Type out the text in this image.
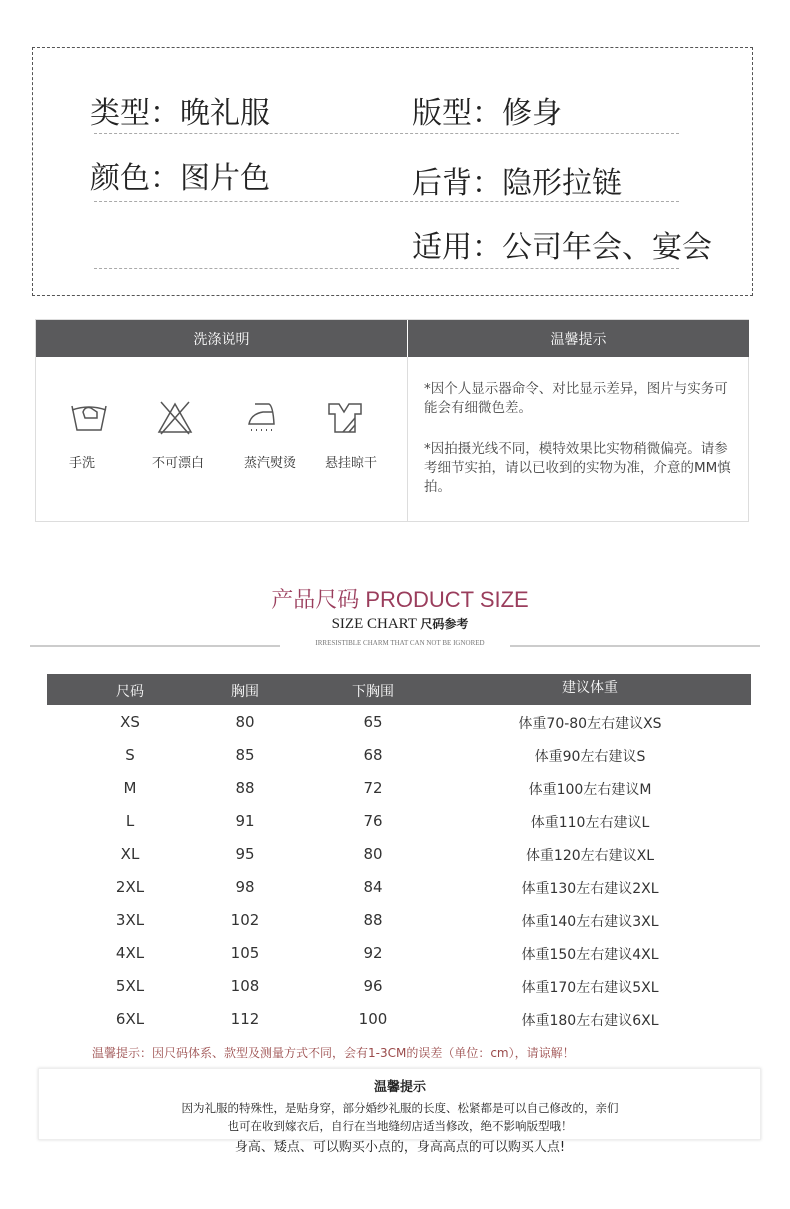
类型：晚礼服	版型：修身
颜色：图片色	后背：隐形拉链
适用：公司年会、宴会
洗涤说明	温馨提示
手洗	不可漂白	蒸汽熨烫	悬挂晾干
*因个人显示器命令、对比显示差异，图片与实务可能会有细微色差。
*因拍摄光线不同，模特效果比实物稍微偏亮。请参考细节实拍，请以已收到的实物为准，介意的MM慎拍。
产品尺码 PRODUCT SIZE
SIZE CHART 尺码参考
IRRESISTIBLE CHARM THAT CAN NOT BE IGNORED
尺码	胸围	下胸围	建议体重
XS	80	65	体重70-80左右建议XS
S	85	68	体重90左右建议S
M	88	72	体重100左右建议M
L	91	76	体重110左右建议L
XL	95	80	体重120左右建议XL
2XL	98	84	体重130左右建议2XL
3XL	102	88	体重140左右建议3XL
4XL	105	92	体重150左右建议4XL
5XL	108	96	体重170左右建议5XL
6XL	112	100	体重180左右建议6XL
温馨提示：因尺码体系、款型及测量方式不同，会有1-3CM的误差（单位：cm），请谅解！
温馨提示
因为礼服的特殊性，是贴身穿，部分婚纱礼服的长度、松紧都是可以自己修改的，亲们
也可在收到嫁衣后，自行在当地缝纫店适当修改，绝不影响版型哦！
身高、矮点、可以购买小点的，身高高点的可以购买人点!
